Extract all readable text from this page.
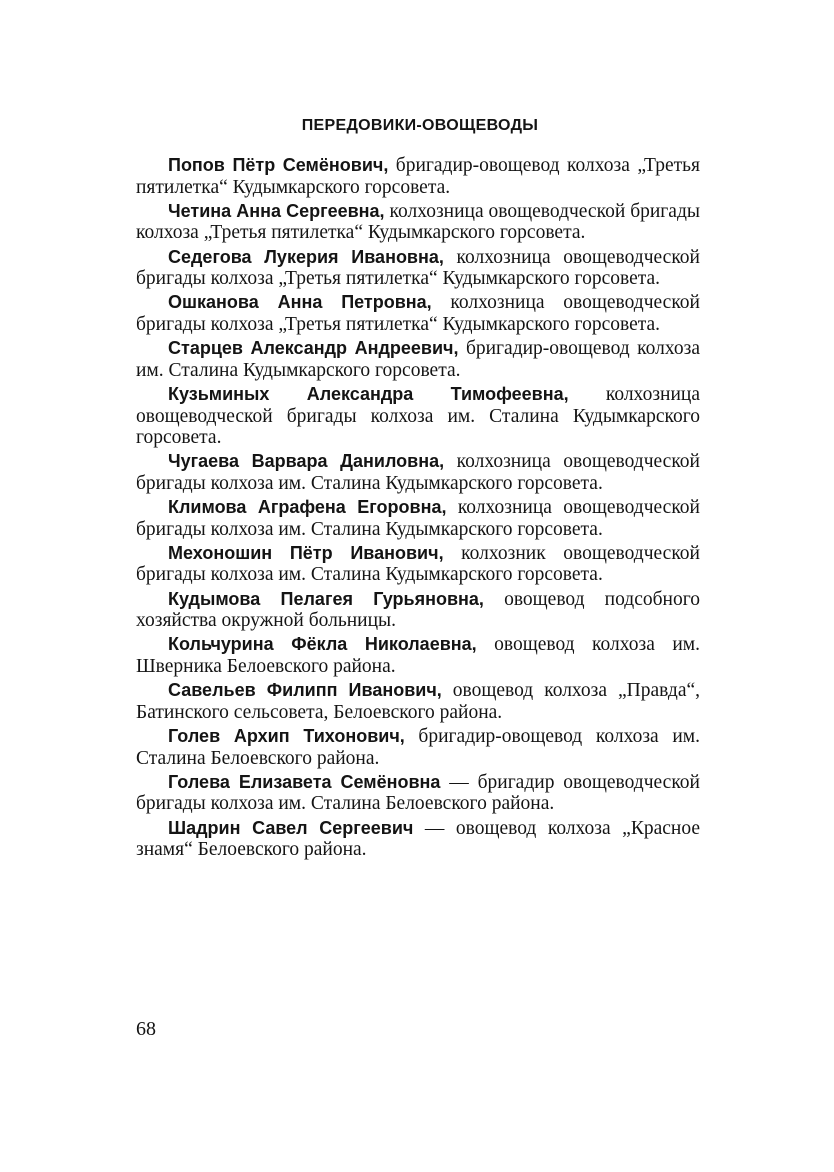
ПЕРЕДОВИКИ-ОВОЩЕВОДЫ

Попов Пётр Семёнович, бригадир-овощевод колхоза „Третья пятилетка“ Кудымкарского горсовета.

Четина Анна Сергеевна, колхозница овощеводческой бригады колхоза „Третья пятилетка“ Кудымкарского горсовета.

Седегова Лукерия Ивановна, колхозница овощеводческой бригады колхоза „Третья пятилетка“ Кудымкарского горсовета.

Ошканова Анна Петровна, колхозница овощеводческой бригады колхоза „Третья пятилетка“ Кудымкарского горсовета.

Старцев Александр Андреевич, бригадир-овощевод колхоза им. Сталина Кудымкарского горсовета.

Кузьминых Александра Тимофеевна, колхозница овощеводческой бригады колхоза им. Сталина Кудымкарского горсовета.

Чугаева Варвара Даниловна, колхозница овощеводческой бригады колхоза им. Сталина Кудымкарского горсовета.

Климова Аграфена Егоровна, колхозница овощеводческой бригады колхоза им. Сталина Кудымкарского горсовета.

Мехоношин Пётр Иванович, колхозник овощеводческой бригады колхоза им. Сталина Кудымкарского горсовета.

Кудымова Пелагея Гурьяновна, овощевод подсобного хозяйства окружной больницы.

Кольчурина Фёкла Николаевна, овощевод колхоза им. Шверника Белоевского района.

Савельев Филипп Иванович, овощевод колхоза „Правда“, Батинского сельсовета, Белоевского района.

Голев Архип Тихонович, бригадир-овощевод колхоза им. Сталина Белоевского района.

Голева Елизавета Семёновна — бригадир овощеводческой бригады колхоза им. Сталина Белоевского района.

Шадрин Савел Сергеевич — овощевод колхоза „Красное знамя“ Белоевского района.

68
